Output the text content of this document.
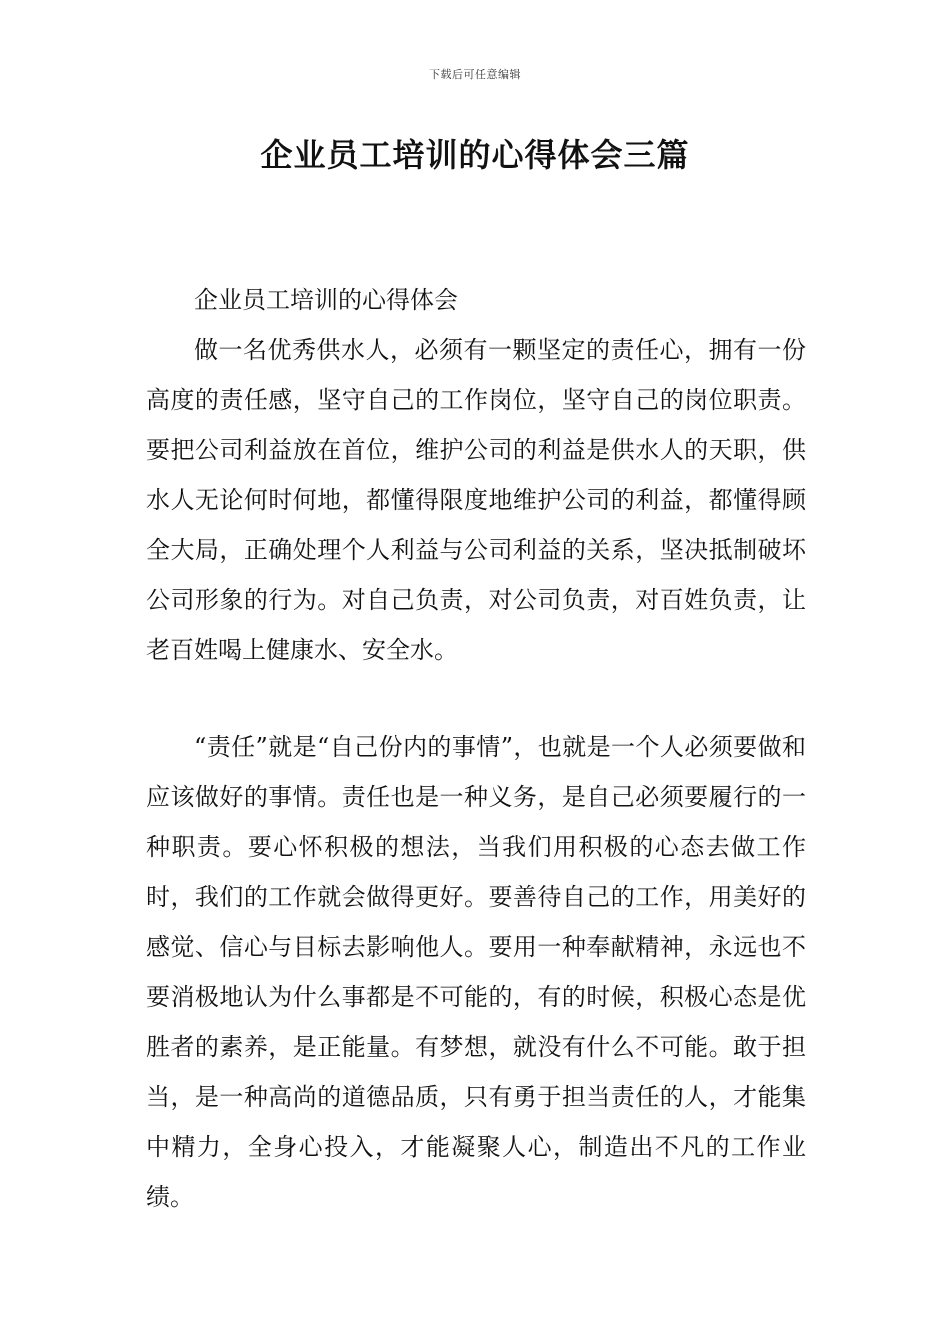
下载后可任意编辑
企业员工培训的心得体会三篇

企业员工培训的心得体会

做一名优秀供水人，必须有一颗坚定的责任心，拥有一份高度的责任感，坚守自己的工作岗位，坚守自己的岗位职责。要把公司利益放在首位，维护公司的利益是供水人的天职，供水人无论何时何地，都懂得限度地维护公司的利益，都懂得顾全大局，正确处理个人利益与公司利益的关系，坚决抵制破坏公司形象的行为。对自己负责，对公司负责，对百姓负责，让老百姓喝上健康水、安全水。

“责任”就是“自己份内的事情”，也就是一个人必须要做和应该做好的事情。责任也是一种义务，是自己必须要履行的一种职责。要心怀积极的想法，当我们用积极的心态去做工作时，我们的工作就会做得更好。要善待自己的工作，用美好的感觉、信心与目标去影响他人。要用一种奉献精神，永远也不要消极地认为什么事都是不可能的，有的时候，积极心态是优胜者的素养，是正能量。有梦想，就没有什么不可能。敢于担当，是一种高尚的道德品质，只有勇于担当责任的人，才能集中精力，全身心投入，才能凝聚人心，制造出不凡的工作业绩。
